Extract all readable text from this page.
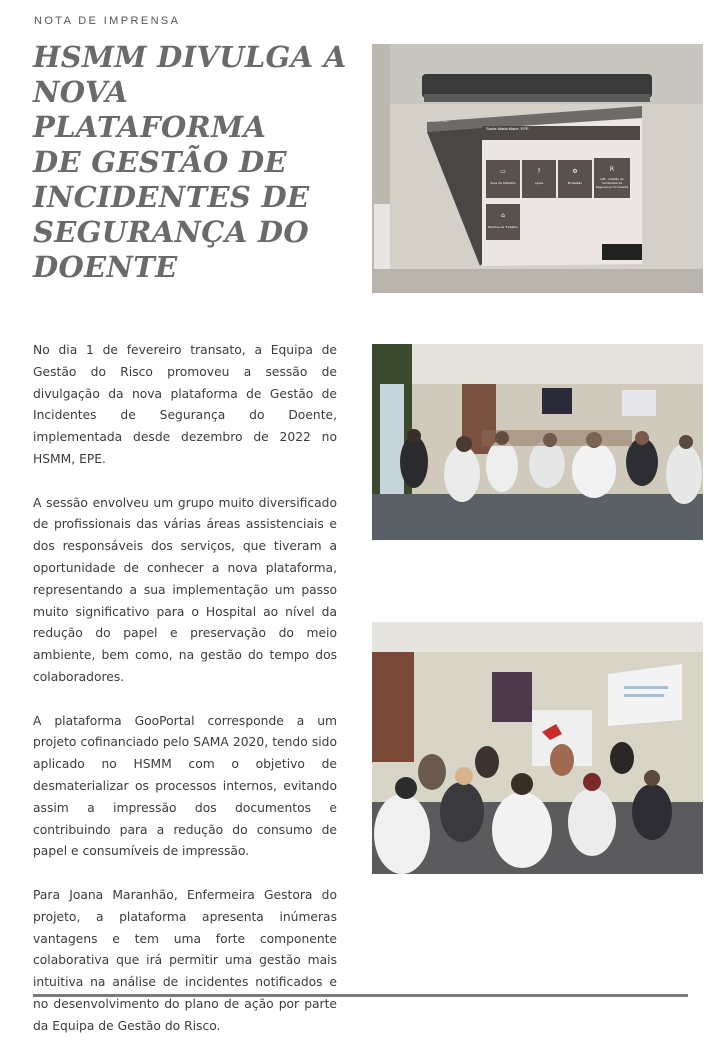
NOTA DE IMPRENSA
HSMM DIVULGA A
NOVA PLATAFORMA
DE GESTÃO DE
INCIDENTES DE
SEGURANÇA DO
DOENTE
GESTÃO
Santa Maria Maior, EPE
▭
Área de Trabalho
?
Ajuda
⚙
BI Gestão
R
GIE - Gestão de Incidentes de Segurança do Doente
⌂
Pedidos de Trabalho

No dia 1 de fevereiro transato, a Equipa de Gestão do Risco promoveu a sessão de divulgação da nova plataforma de Gestão de Incidentes de Segurança do Doente, implementada desde dezembro de 2022 no HSMM, EPE.

A sessão envolveu um grupo muito diversificado de profissionais das várias áreas assistenciais e dos responsáveis dos serviços, que tiveram a oportunidade de conhecer a nova plataforma, representando a sua implementação um passo muito significativo para o Hospital ao nível da redução do papel e preservação do meio ambiente, bem como, na gestão do tempo dos colaboradores.

A plataforma GooPortal corresponde a um projeto cofinanciado pelo SAMA 2020, tendo sido aplicado no HSMM com o objetivo de desmaterializar os processos internos, evitando assim a impressão dos documentos e contribuindo para a redução do consumo de papel e consumíveis de impressão.

Para Joana Maranhão, Enfermeira Gestora do projeto, a plataforma apresenta inúmeras vantagens e tem uma forte componente colaborativa que irá permitir uma gestão mais intuitiva na análise de incidentes notificados e no desenvolvimento do plano de ação por parte da Equipa de Gestão do Risco.
